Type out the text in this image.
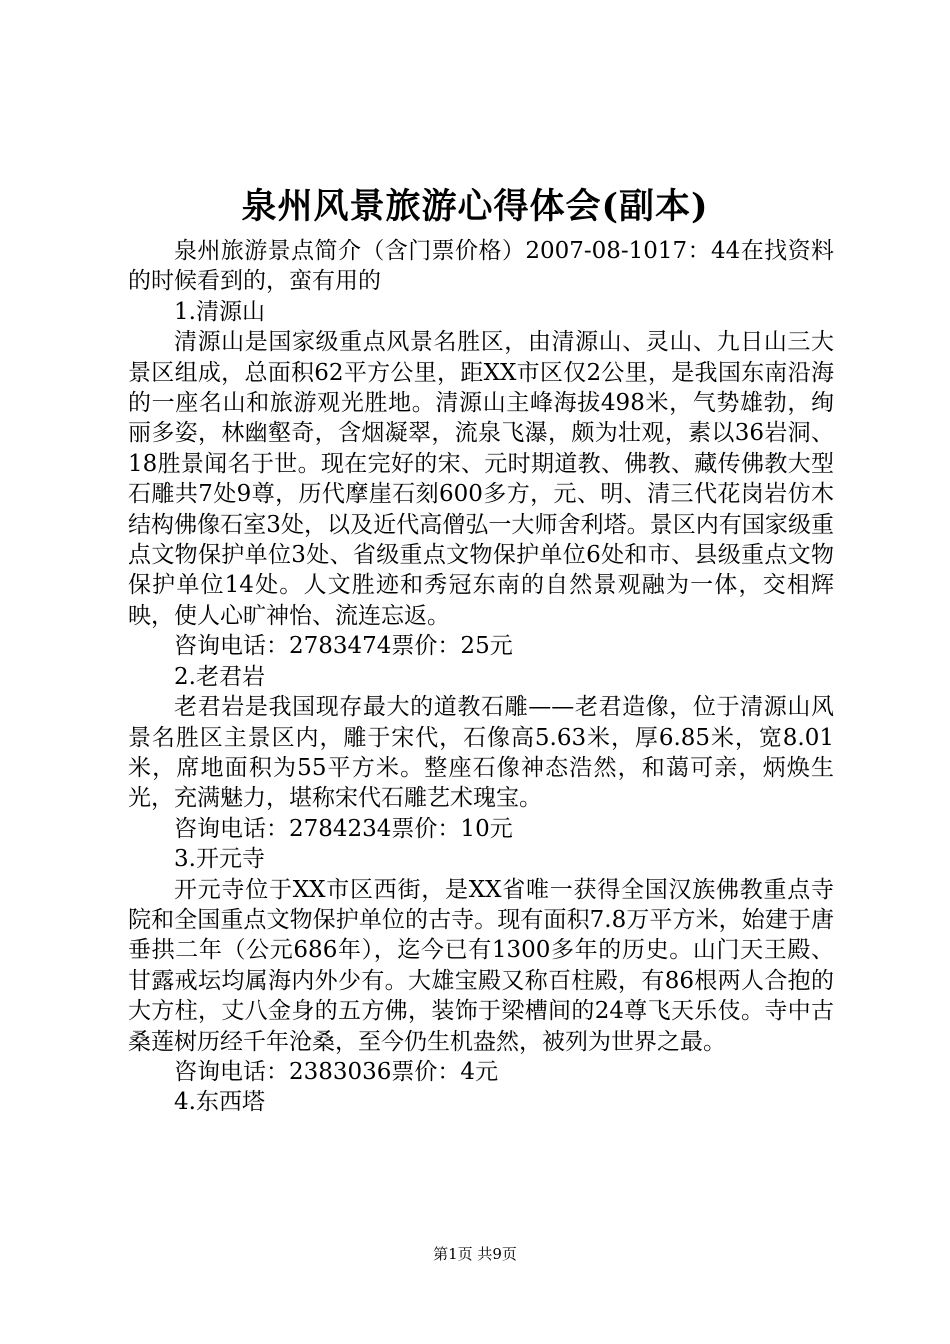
泉州风景旅游心得体会(副本)

泉州旅游景点简介（含门票价格）2007-08-1017：44在找资料的时候看到的，蛮有用的

1.清源山

清源山是国家级重点风景名胜区，由清源山、灵山、九日山三大景区组成，总面积62平方公里，距XX市区仅2公里，是我国东南沿海的一座名山和旅游观光胜地。清源山主峰海拔498米，气势雄勃，绚丽多姿，林幽壑奇，含烟凝翠，流泉飞瀑，颇为壮观，素以36岩洞、18胜景闻名于世。现在完好的宋、元时期道教、佛教、藏传佛教大型石雕共7处9尊，历代摩崖石刻600多方，元、明、清三代花岗岩仿木结构佛像石室3处，以及近代高僧弘一大师舍利塔。景区内有国家级重点文物保护单位3处、省级重点文物保护单位6处和市、县级重点文物保护单位14处。人文胜迹和秀冠东南的自然景观融为一体，交相辉映，使人心旷神怡、流连忘返。

咨询电话：2783474票价：25元

2.老君岩

老君岩是我国现存最大的道教石雕——老君造像，位于清源山风景名胜区主景区内，雕于宋代，石像高5.63米，厚6.85米，宽8.01米，席地面积为55平方米。整座石像神态浩然，和蔼可亲，炳焕生光，充满魅力，堪称宋代石雕艺术瑰宝。

咨询电话：2784234票价：10元

3.开元寺

开元寺位于XX市区西街，是XX省唯一获得全国汉族佛教重点寺院和全国重点文物保护单位的古寺。现有面积7.8万平方米，始建于唐垂拱二年（公元686年），迄今已有1300多年的历史。山门天王殿、甘露戒坛均属海内外少有。大雄宝殿又称百柱殿，有86根两人合抱的大方柱，丈八金身的五方佛，装饰于梁槽间的24尊飞天乐伎。寺中古桑莲树历经千年沧桑，至今仍生机盎然，被列为世界之最。

咨询电话：2383036票价：4元

4.东西塔

第1页 共9页
